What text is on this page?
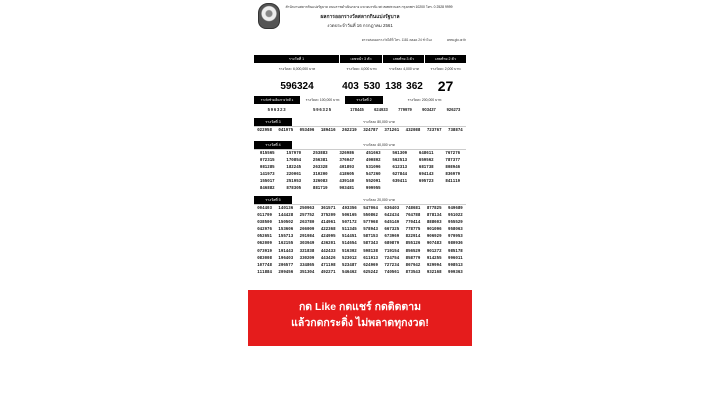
สำนักงานสลากกินแบ่งรัฐบาล ถนนราชดำเนินกลาง แขวงบวรนิเวศ เขตพระนคร กรุงเทพฯ 10200 โทร. 0 2528 9999
ผลการออกรางวัลสลากกินแบ่งรัฐบาล
งวดประจำวันที่ 16 กรกฎาคม 2561
ตรวจสอบผลรางวัลได้ที่ โทร. 1181 ตลอด 24 ชั่วโมง	www.glo.or.th
รางวัลที่ 1	เลขหน้า 3 ตัว	เลขท้าย 3 ตัว	เลขท้าย 2 ตัว
รางวัลละ 6,000,000 บาท	รางวัลละ 4,000 บาท	รางวัลละ 4,000 บาท	รางวัลละ 2,000 บาท
596324	403 530 138 362	27
รางวัลข้างเคียงรางวัลที่ 1	รางวัลละ 100,000 บาท	รางวัลที่ 2	รางวัลละ 200,000 บาท
596323	596325	178445	624933	779979	903437	926273
รางวัลที่ 3	รางวัลละ 80,000 บาท
022958	041975	053496	189416	262219	324787	371261	432088	723767	738874
รางวัลที่ 4	รางวัลละ 40,000 บาท
015565	157970	253883	326986	451663	561309	648611	767276
072315	170854	256381	376047	490802	562513	659562	787377
081285	182245	263328	401893	531096	612313	681738	808946
141973	220061	310200	418605	547260	627844	694143	836979
155017	251953	326083	439140	552091	639411	695723	841119
846882	878305	881719	903481	999955
รางวัลที่ 5	รางวัลละ 20,000 บาท
004403	140136	250963	361571	493356	547064	636403	748681	877825	949689
011709	144428	257752	375209	506165	550862	642434	764788	878134	951022
038500	150502	263780	414961	507172	577968	645149	770414	888603	955529
042976	153606	266009	422368	511345	578943	667325	778775	901096	958063
052651	155713	291984	424995	514451	587153	673969	822914	906929	970953
062009	162155	303949	436201	514654	587343	689879	855126	907483	980936
073919	191443	321838	442433	516302	598138	719154	856529	901272	985178
083008	196403	330209	443426	523012	611913	724754	858779	914255	996011
107748	206577	334865	471198	523487	624969	727234	867942	929994	998513
111884	209456	351304	492271	546462	625242	740561	873543	932168	999363
กด Like กดแชร์ กดติดตาม
แล้วกดกระดิ่ง ไม่พลาดทุกงวด!
